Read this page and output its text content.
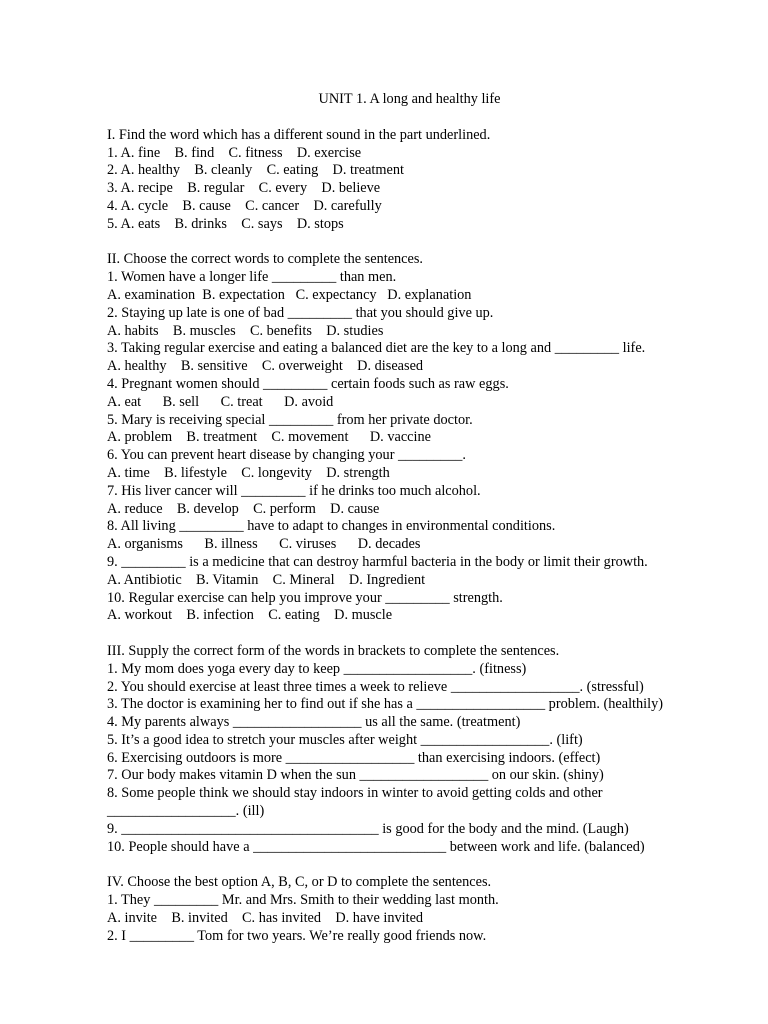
UNIT 1. A long and healthy life
I. Find the word which has a different sound in the part underlined.
1. A. fine    B. find    C. fitness    D. exercise
2. A. healthy    B. cleanly    C. eating    D. treatment
3. A. recipe    B. regular    C. every    D. believe
4. A. cycle    B. cause    C. cancer    D. carefully
5. A. eats    B. drinks    C. says    D. stops
II. Choose the correct words to complete the sentences.
1. Women have a longer life _________ than men.
A. examination  B. expectation   C. expectancy   D. explanation
2. Staying up late is one of bad _________ that you should give up.
A. habits    B. muscles    C. benefits    D. studies
3. Taking regular exercise and eating a balanced diet are the key to a long and _________ life.
A. healthy    B. sensitive    C. overweight    D. diseased
4. Pregnant women should _________ certain foods such as raw eggs.
A. eat      B. sell      C. treat      D. avoid
5. Mary is receiving special _________ from her private doctor.
A. problem    B. treatment    C. movement      D. vaccine
6. You can prevent heart disease by changing your _________.
A. time    B. lifestyle    C. longevity    D. strength
7. His liver cancer will _________ if he drinks too much alcohol.
A. reduce    B. develop    C. perform    D. cause
8. All living _________ have to adapt to changes in environmental conditions.
A. organisms      B. illness      C. viruses      D. decades
9. _________ is a medicine that can destroy harmful bacteria in the body or limit their growth.
A. Antibiotic    B. Vitamin    C. Mineral    D. Ingredient
10. Regular exercise can help you improve your _________ strength.
A. workout    B. infection    C. eating    D. muscle
III. Supply the correct form of the words in brackets to complete the sentences.
1. My mom does yoga every day to keep __________________. (fitness)
2. You should exercise at least three times a week to relieve __________________. (stressful)
3. The doctor is examining her to find out if she has a __________________ problem. (healthily)
4. My parents always __________________ us all the same. (treatment)
5. It’s a good idea to stretch your muscles after weight __________________. (lift)
6. Exercising outdoors is more __________________ than exercising indoors. (effect)
7. Our body makes vitamin D when the sun __________________ on our skin. (shiny)
8. Some people think we should stay indoors in winter to avoid getting colds and other
__________________. (ill)
9. ____________________________________ is good for the body and the mind. (Laugh)
10. People should have a ___________________________ between work and life. (balanced)
IV. Choose the best option A, B, C, or D to complete the sentences.
1. They _________ Mr. and Mrs. Smith to their wedding last month.
A. invite    B. invited    C. has invited    D. have invited
2. I _________ Tom for two years. We’re really good friends now.
